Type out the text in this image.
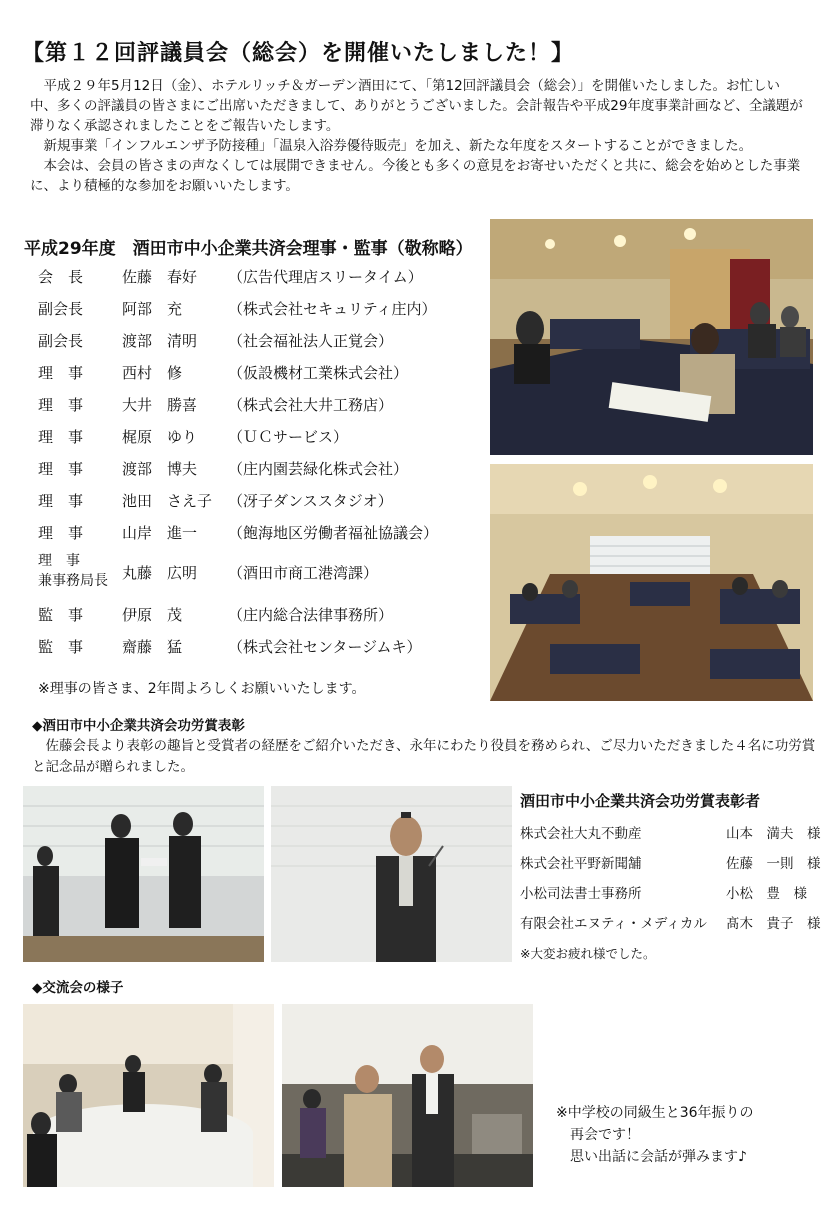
【第１２回評議員会（総会）を開催いたしました！】

平成２９年5月12日（金）、ホテルリッチ＆ガーデン酒田にて、「第12回評議員会（総会）」を開催いたしました。お忙しい中、多くの評議員の皆さまにご出席いただきまして、ありがとうございました。会計報告や平成29年度事業計画など、全議題が滞りなく承認されましたことをご報告いたします。

新規事業「インフルエンザ予防接種」「温泉入浴券優待販売」を加え、新たな年度をスタートすることができました。

本会は、会員の皆さまの声なくしては展開できません。今後とも多くの意見をお寄せいただくと共に、総会を始めとした事業に、より積極的な参加をお願いいたします。

平成29年度　酒田市中小企業共済会理事・監事（敬称略）
会　長	佐藤　春好	（広告代理店スリータイム）
副会長	阿部　充	（株式会社セキュリティ庄内）
副会長	渡部　清明	（社会福祉法人正覚会）
理　事	西村　修	（仮設機材工業株式会社）
理　事	大井　勝喜	（株式会社大井工務店）
理　事	梶原　ゆり	（ＵＣサービス）
理　事	渡部　博夫	（庄内園芸緑化株式会社）
理　事	池田　さえ子	（冴子ダンススタジオ）
理　事	山岸　進一	（飽海地区労働者福祉協議会）
理　事
兼事務局長 丸藤　広明	（酒田市商工港湾課）
監　事	伊原　茂	（庄内総合法律事務所）
監　事	齋藤　猛	（株式会社センタージムキ）
※理事の皆さま、2年間よろしくお願いいたします。
◆酒田市中小企業共済会功労賞表彰

佐藤会長より表彰の趣旨と受賞者の経歴をご紹介いただき、永年にわたり役員を務められ、ご尽力いただきました４名に功労賞と記念品が贈られました。

酒田市中小企業共済会功労賞表彰者
株式会社大丸不動産	山本　満夫　様
株式会社平野新聞舗	佐藤　一則　様
小松司法書士事務所	小松　豊　様
有限会社エヌティ・メディカル 髙木　貴子　様
※大変お疲れ様でした。
◆交流会の様子
※中学校の同級生と36年振りの
再会です！
思い出話に会話が弾みます♪
